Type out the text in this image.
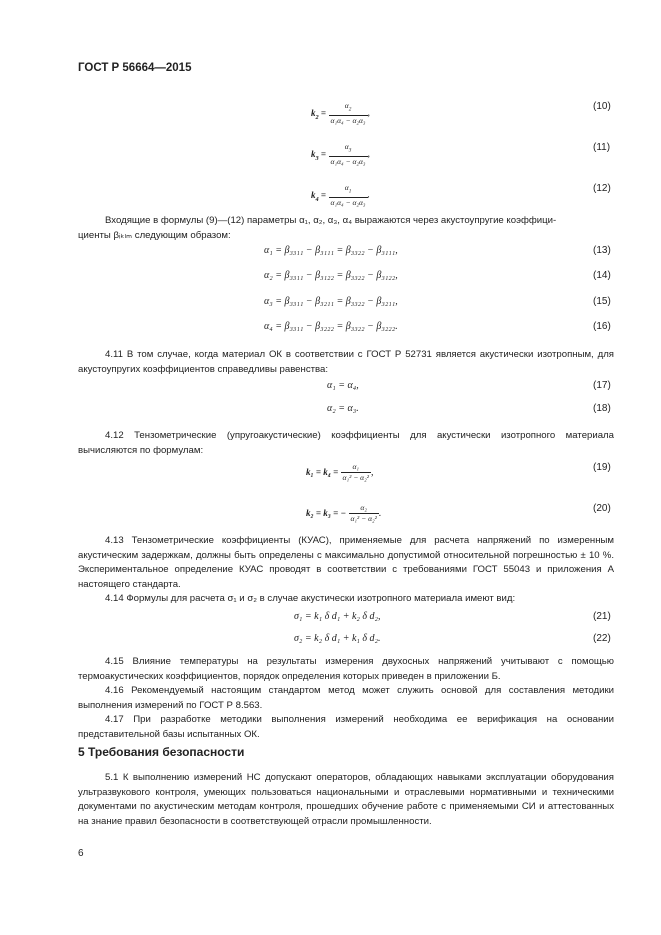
ГОСТ Р 56664—2015
$k_2 = \frac{\alpha_2}{\text{α₁α₄ − α₂α₃}}$ ,
(10)
$k_3 = \frac{\alpha_3}{\text{α₁α₄ − α₂α₃}}$ ,
(11)
$k_4 = \frac{\alpha_1}{\text{α₁α₄ − α₂α₃}}$ .
(12)

Входящие в формулы (9)—(12) параметры α₁, α₂, α₃, α₄ выражаются через акустоупругие коэффици-

циенты βᵢₖₗₘ следующим образом:

α₁ = β₃₃₁₁ − β₃₁₁₁ = β₃₃₂₂ − β₃₁₁₁,	(13)
α₂ = β₃₃₁₁ − β₃₁₂₂ = β₃₃₂₂ − β₃₁₂₂,	(14)
α₃ = β₃₃₁₁ − β₃₂₁₁ = β₃₃₂₂ − β₃₂₁₁,	(15)
α₄ = β₃₃₁₁ − β₃₂₂₂ = β₃₃₂₂ − β₃₂₂₂.	(16)

4.11 В том случае, когда материал ОК в соответствии с ГОСТ Р 52731 является акустически изотропным, для акустоупругих коэффициентов справедливы равенства:

α₁ = α₄,	(17)
α₂ = α₃.	(18)

4.12 Тензометрические (упругоакустические) коэффициенты для акустически изотропного материала вычисляются по формулам:

$k_1 = k_4 = \frac{\text{α₁}}{\text{α₁² − α₂²}}$ ,	(19)
k₂ = k₃ = − $\frac{\text{α₂}}{\text{α₁² − α₂²}}$ .	(20)

4.13 Тензометрические коэффициенты (КУАС), применяемые для расчета напряжений по измеренным акустическим задержкам, должны быть определены с максимально допустимой относительной погрешностью ± 10 %. Экспериментальное определение КУАС проводят в соответствии с требованиями ГОСТ 55043 и приложения А настоящего стандарта.

4.14 Формулы для расчета σ₁ и σ₂ в случае акустически изотропного материала имеют вид:

σ₁ = k₁ δ d₁ + k₂ δ d₂,	(21)
σ₂ = k₂ δ d₁ + k₁ δ d₂.	(22)

4.15 Влияние температуры на результаты измерения двухосных напряжений учитывают с помощью термоакустических коэффициентов, порядок определения которых приведен в приложении Б.

4.16 Рекомендуемый настоящим стандартом метод может служить основой для составления методики выполнения измерений по ГОСТ Р 8.563.

4.17 При разработке методики выполнения измерений необходима ее верификация на основании представительной базы испытанных ОК.

5 Требования безопасности

5.1 К выполнению измерений НС допускают операторов, обладающих навыками эксплуатации оборудования ультразвукового контроля, умеющих пользоваться национальными и отраслевыми нормативными и техническими документами по акустическим методам контроля, прошедших обучение работе с применяемыми СИ и аттестованных на знание правил безопасности в соответствующей отрасли промышленности.

6
